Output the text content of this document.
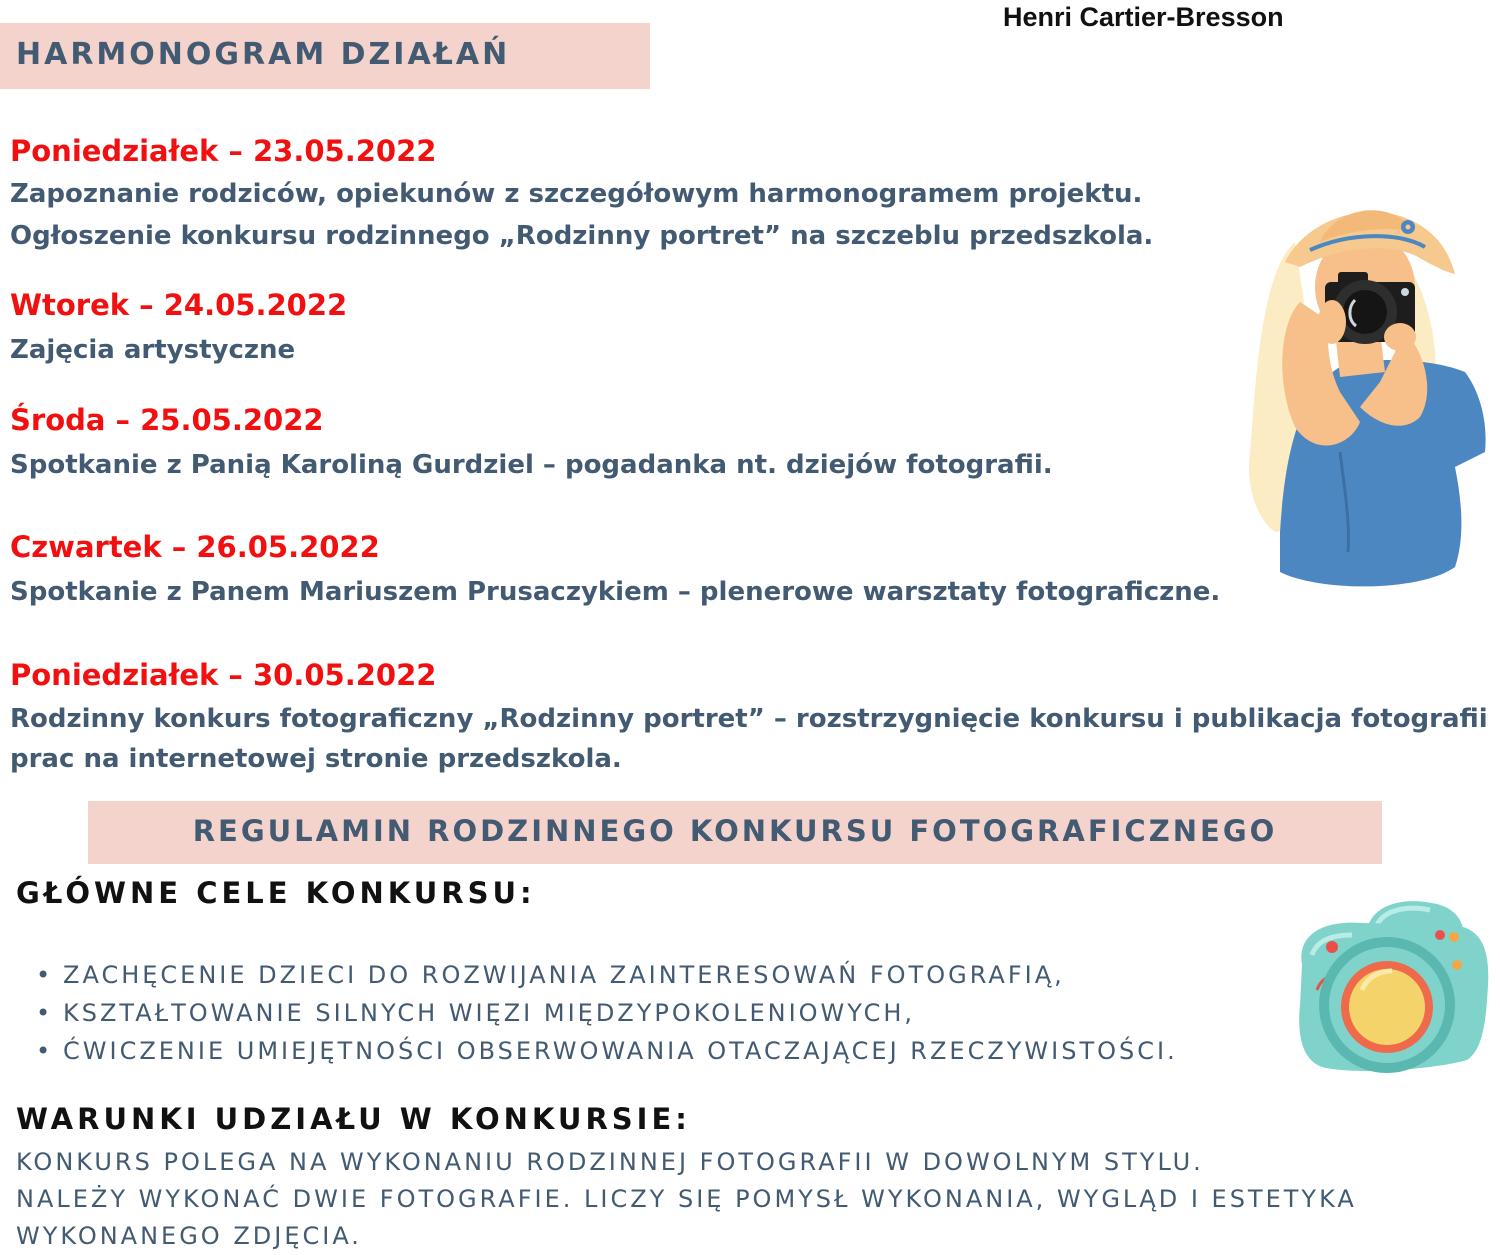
Henri Cartier-Bresson
HARMONOGRAM DZIAŁAŃ
Poniedziałek – 23.05.2022
Zapoznanie rodziców, opiekunów z szczegółowym harmonogramem projektu.
Ogłoszenie konkursu rodzinnego „Rodzinny portret” na szczeblu przedszkola.
Wtorek – 24.05.2022
Zajęcia artystyczne
Środa – 25.05.2022
Spotkanie z Panią Karoliną Gurdziel – pogadanka nt. dziejów fotografii.
Czwartek – 26.05.2022
Spotkanie z Panem Mariuszem Prusaczykiem – plenerowe warsztaty fotograficzne.
Poniedziałek – 30.05.2022
Rodzinny konkurs fotograficzny „Rodzinny portret” – rozstrzygnięcie konkursu i publikacja fotografii
prac na internetowej stronie przedszkola.
REGULAMIN RODZINNEGO KONKURSU FOTOGRAFICZNEGO
GŁÓWNE CELE KONKURSU:
• ZACHĘCENIE DZIECI DO ROZWIJANIA ZAINTERESOWAŃ FOTOGRAFIĄ,
• KSZTAŁTOWANIE SILNYCH WIĘZI MIĘDZYPOKOLENIOWYCH,
• ĆWICZENIE UMIEJĘTNOŚCI OBSERWOWANIA OTACZAJĄCEJ RZECZYWISTOŚCI.
WARUNKI UDZIAŁU W KONKURSIE:
KONKURS POLEGA NA WYKONANIU RODZINNEJ FOTOGRAFII W DOWOLNYM STYLU.
NALEŻY WYKONAĆ DWIE FOTOGRAFIE. LICZY SIĘ POMYSŁ WYKONANIA, WYGLĄD I ESTETYKA
WYKONANEGO ZDJĘCIA.
